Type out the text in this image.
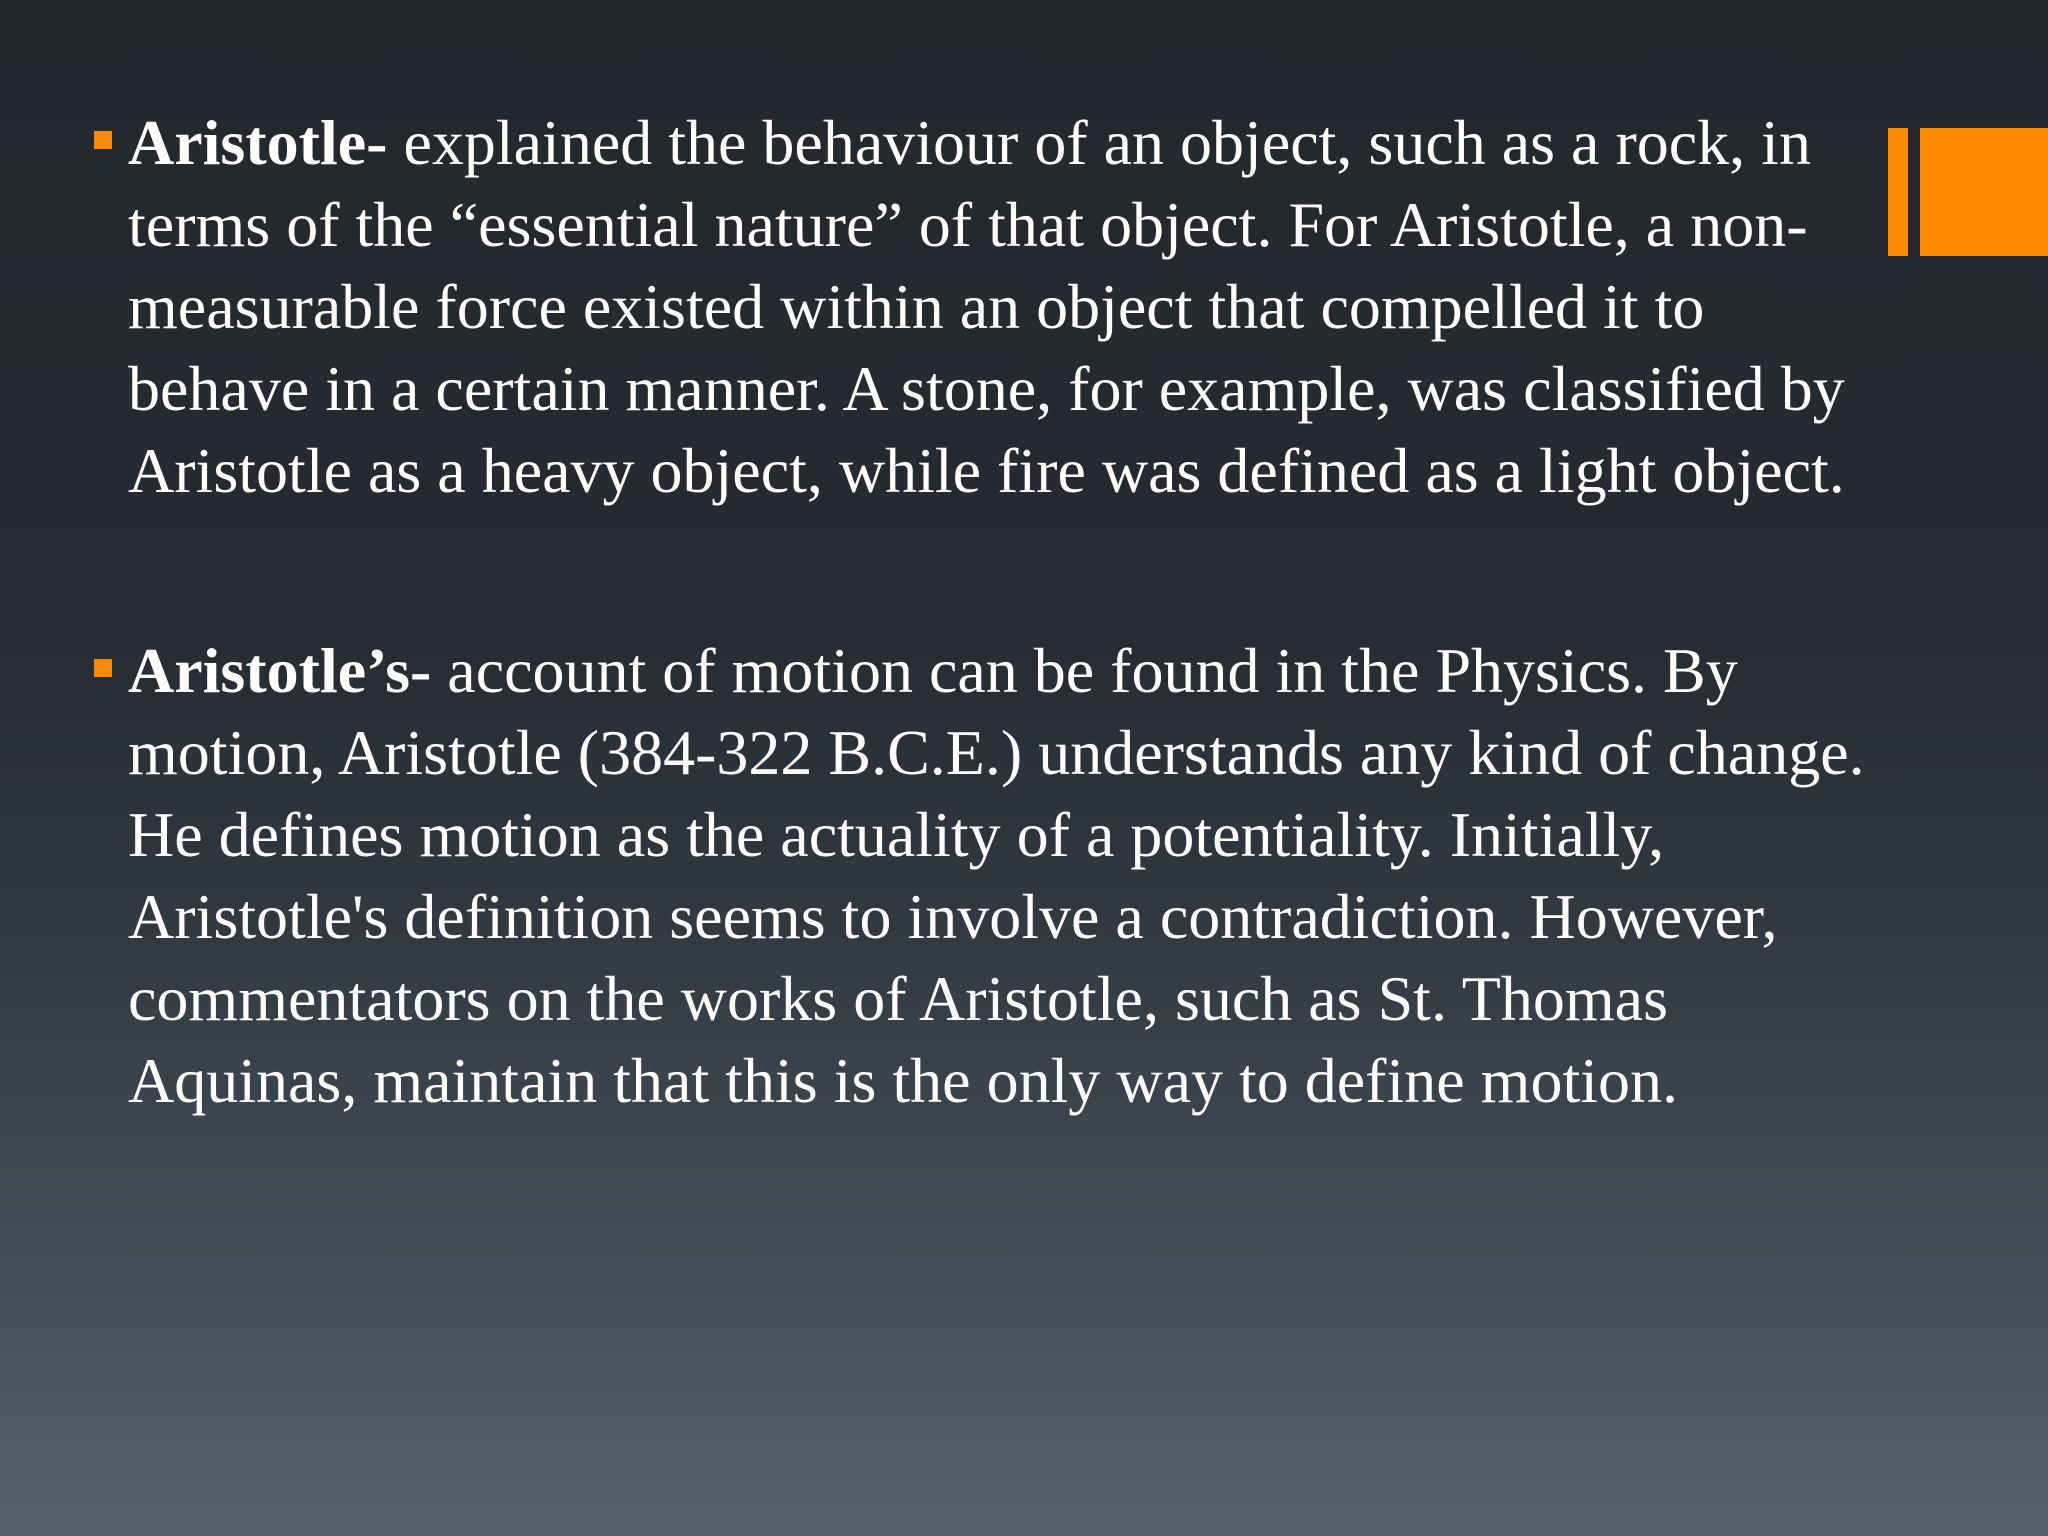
Aristotle- explained the behaviour of an object, such as a rock, in terms of the “essential nature” of that object. For Aristotle, a non-measurable force existed within an object that compelled it to behave in a certain manner. A stone, for example, was classified by Aristotle as a heavy object, while fire was defined as a light object.
Aristotle’s- account of motion can be found in the Physics. By motion, Aristotle (384-322 B.C.E.) understands any kind of change. He defines motion as the actuality of a potentiality. Initially, Aristotle's definition seems to involve a contradiction. However, commentators on the works of Aristotle, such as St. Thomas Aquinas, maintain that this is the only way to define motion.
